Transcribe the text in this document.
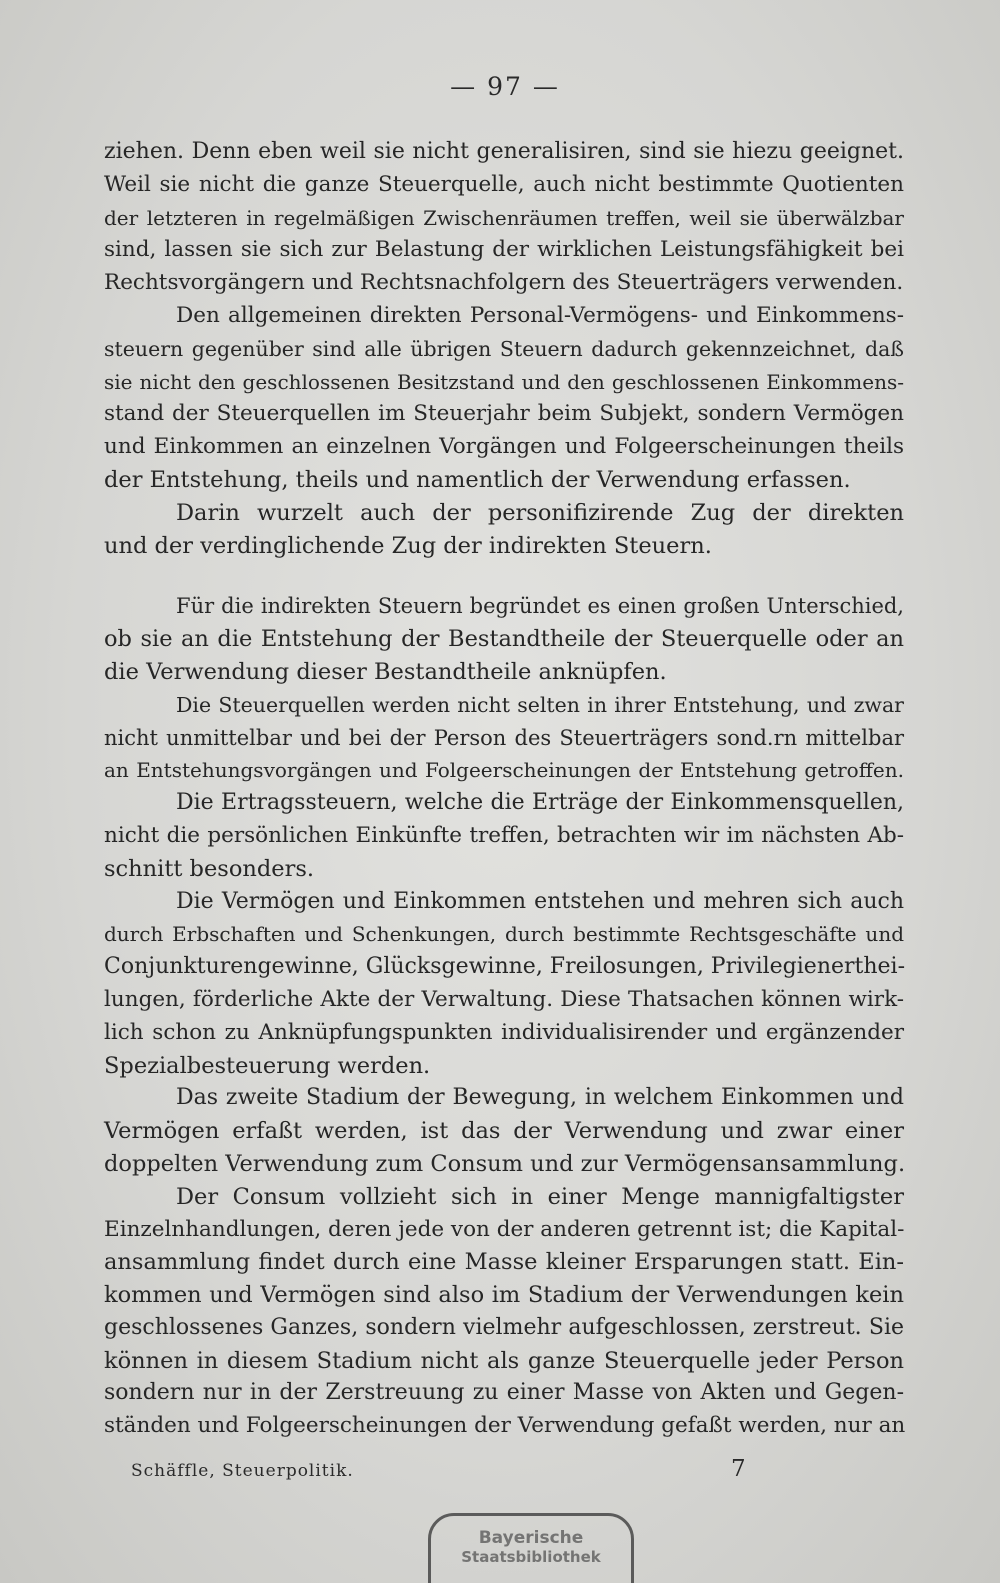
— 97 —
ziehen. Denn eben weil sie nicht generalisiren, sind sie hiezu geeignet.
Weil sie nicht die ganze Steuerquelle, auch nicht bestimmte Quotienten
der letzteren in regelmäßigen Zwischenräumen treffen, weil sie überwälzbar
sind, lassen sie sich zur Belastung der wirklichen Leistungsfähigkeit bei
Rechtsvorgängern und Rechtsnachfolgern des Steuerträgers verwenden.
Den allgemeinen direkten Personal-Vermögens- und Einkommens-
steuern gegenüber sind alle übrigen Steuern dadurch gekennzeichnet, daß
sie nicht den geschlossenen Besitzstand und den geschlossenen Einkommens-
stand der Steuerquellen im Steuerjahr beim Subjekt, sondern Vermögen
und Einkommen an einzelnen Vorgängen und Folgeerscheinungen theils
der Entstehung, theils und namentlich der Verwendung erfassen.
Darin wurzelt auch der personifizirende Zug der direkten
und der verdinglichende Zug der indirekten Steuern.
Für die indirekten Steuern begründet es einen großen Unterschied,
ob sie an die Entstehung der Bestandtheile der Steuerquelle oder an
die Verwendung dieser Bestandtheile anknüpfen.
Die Steuerquellen werden nicht selten in ihrer Entstehung, und zwar
nicht unmittelbar und bei der Person des Steuerträgers sond.rn mittelbar
an Entstehungsvorgängen und Folgeerscheinungen der Entstehung getroffen.
Die Ertragssteuern, welche die Erträge der Einkommensquellen,
nicht die persönlichen Einkünfte treffen, betrachten wir im nächsten Ab-
schnitt besonders.
Die Vermögen und Einkommen entstehen und mehren sich auch
durch Erbschaften und Schenkungen, durch bestimmte Rechtsgeschäfte und
Conjunkturengewinne, Glücksgewinne, Freilosungen, Privilegienerthei-
lungen, förderliche Akte der Verwaltung. Diese Thatsachen können wirk-
lich schon zu Anknüpfungspunkten individualisirender und ergänzender
Spezialbesteuerung werden.
Das zweite Stadium der Bewegung, in welchem Einkommen und
Vermögen erfaßt werden, ist das der Verwendung und zwar einer
doppelten Verwendung zum Consum und zur Vermögensansammlung.
Der Consum vollzieht sich in einer Menge mannigfaltigster
Einzelnhandlungen, deren jede von der anderen getrennt ist; die Kapital-
ansammlung findet durch eine Masse kleiner Ersparungen statt. Ein-
kommen und Vermögen sind also im Stadium der Verwendungen kein
geschlossenes Ganzes, sondern vielmehr aufgeschlossen, zerstreut. Sie
können in diesem Stadium nicht als ganze Steuerquelle jeder Person
sondern nur in der Zerstreuung zu einer Masse von Akten und Gegen-
ständen und Folgeerscheinungen der Verwendung gefaßt werden, nur an
Schäffle, Steuerpolitik.	7
Bayerische
Staatsbibliothek
